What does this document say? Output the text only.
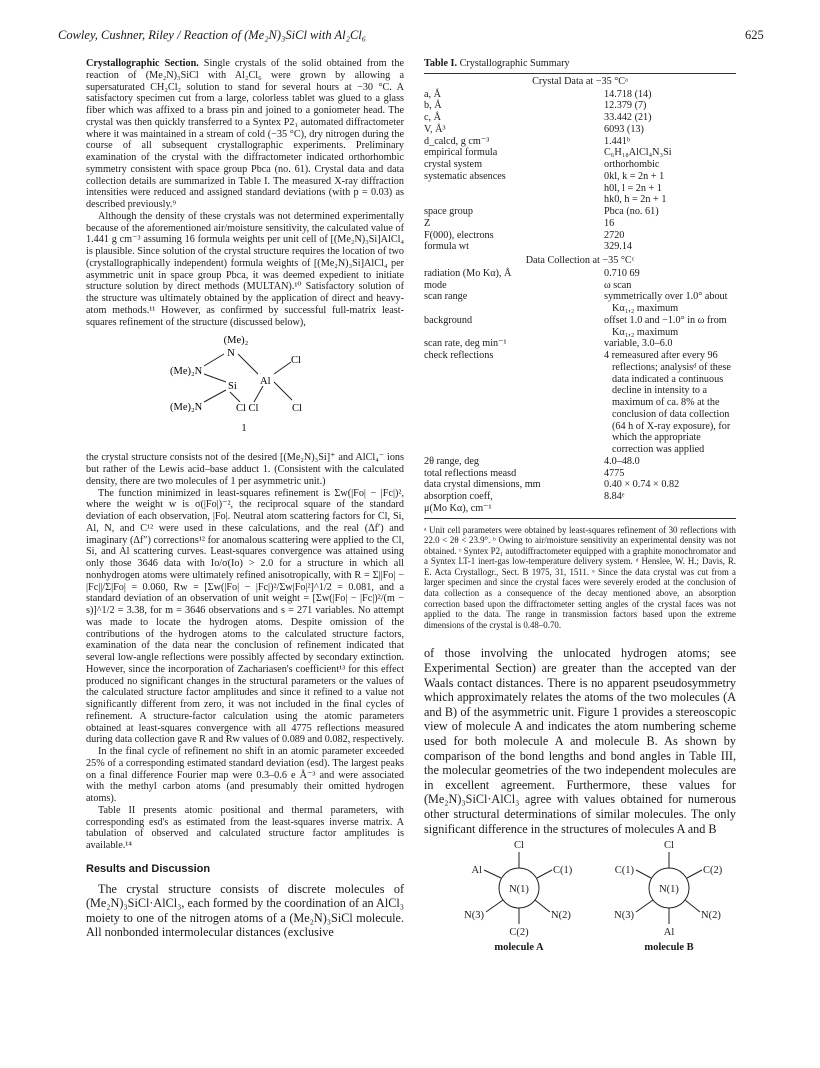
Cowley, Cushner, Riley / Reaction of (Me₂N)₃SiCl with Al₂Cl₆	625

Crystallographic Section. Single crystals of the solid obtained from the reaction of (Me₂N)₃SiCl with Al₂Cl₆ were grown by allowing a supersaturated CH₂Cl₂ solution to stand for several hours at −30 °C. A satisfactory specimen cut from a large, colorless tablet was glued to a glass fiber which was affixed to a brass pin and joined to a goniometer head. The crystal was then quickly transferred to a Syntex P2₁ automated diffractometer where it was maintained in a stream of cold (−35 °C), dry nitrogen during the course of all subsequent crystallographic experiments. Preliminary examination of the crystal with the diffractometer indicated orthorhombic symmetry consistent with space group Pbca (no. 61). Crystal data and data collection details are summarized in Table I. The measured X-ray diffraction intensities were reduced and assigned standard deviations (with p = 0.03) as described previously.⁹

Although the density of these crystals was not determined experimentally because of the aforementioned air/moisture sensitivity, the calculated value of 1.441 g cm⁻³ assuming 16 formula weights per unit cell of [(Me₂N)₃Si]AlCl₄ is plausible. Since solution of the crystal structure requires the location of two (crystallographically independent) formula weights of [(Me₂N)₃Si]AlCl₄ per asymmetric unit in space group Pbca, it was deemed expedient to initiate structure solution by direct methods (MULTAN).¹⁰ Satisfactory solution of the structure was ultimately obtained by the application of direct and heavy-atom methods.¹¹ However, as confirmed by successful full-matrix least-squares refinement of the structure (discussed below),

(Me)₂
N
(Me)₂N
Si Al
Cl
(Me)₂N	Cl Cl	Cl
1

the crystal structure consists not of the desired [(Me₂N)₃Si]⁺ and AlCl₄⁻ ions but rather of the Lewis acid–base adduct 1. (Consistent with the calculated density, there are two molecules of 1 per asymmetric unit.)

The function minimized in least-squares refinement is Σw(|Fo| − |Fc|)², where the weight w is σ(|Fo|)⁻², the reciprocal square of the standard deviation of each observation, |Fo|. Neutral atom scattering factors for Cl, Si, Al, N, and C¹² were used in these calculations, and the real (Δf′) and imaginary (Δf″) corrections¹² for anomalous scattering were applied to the Cl, Si, and Al scattering curves. Least-squares convergence was attained using only those 3646 data with Io/σ(Io) > 2.0 for a structure in which all nonhydrogen atoms were ultimately refined anisotropically, with R = Σ||Fo| − |Fc||/Σ|Fo| = 0.060, Rw = [Σw(|Fo| − |Fc|)²/Σw|Fo|²]^1/2 = 0.081, and a standard deviation of an observation of unit weight = [Σw(|Fo| − |Fc|)²/(m − s)]^1/2 = 3.38, for m = 3646 observations and s = 271 variables. No attempt was made to locate the hydrogen atoms. Despite omission of the contributions of the hydrogen atoms to the calculated structure factors, examination of the data near the conclusion of refinement indicated that several low-angle reflections were possibly affected by secondary extinction. However, since the incorporation of Zachariasen's coefficient¹³ for this effect produced no significant changes in the structural parameters or the values of the calculated structure factor amplitudes and since it refined to a value not significantly different from zero, it was not included in the final cycles of refinement. A structure-factor calculation using the atomic parameters obtained at least-squares convergence with all 4775 reflections measured during data collection gave R and Rw values of 0.089 and 0.082, respectively.

In the final cycle of refinement no shift in an atomic parameter exceeded 25% of a corresponding estimated standard deviation (esd). The largest peaks on a final difference Fourier map were 0.3–0.6 e Å⁻³ and were associated with the methyl carbon atoms (and presumably their omitted hydrogen atoms).

Table II presents atomic positional and thermal parameters, with corresponding esd's as estimated from the least-squares inverse matrix. A tabulation of observed and calculated structure factor amplitudes is available.¹⁴

Results and Discussion

The crystal structure consists of discrete molecules of (Me₂N)₃SiCl·AlCl₃, each formed by the coordination of an AlCl₃ moiety to one of the nitrogen atoms of a (Me₂N)₃SiCl molecule. All nonbonded intermolecular distances (exclusive

Table I. Crystallographic Summary
Crystal Data at −35 °Cᵃ
a, Å	14.718 (14)
b, Å	12.379 (7)
c, Å	33.442 (21)
V, Å³	6093 (13)
d_calcd, g cm⁻³	1.441ᵇ
empirical formula	C₆H₁₈AlCl₄N₃Si
crystal system	orthorhombic
systematic absences	0kl, k = 2n + 1
h0l, l = 2n + 1
hk0, h = 2n + 1
space group	Pbca (no. 61)
Z	16
F(000), electrons	2720
formula wt	329.14
Data Collection at −35 °Cᶜ
radiation (Mo Kα), Å	0.710 69
mode	ω scan
scan range	symmetrically over 1.0° about
Kα₁,₂ maximum
background	offset 1.0 and −1.0° in ω from
Kα₁,₂ maximum
scan rate, deg min⁻¹	variable, 3.0–6.0
check reflections	4 remeasured after every 96
reflections; analysisᵈ of these
data indicated a continuous
decline in intensity to a
maximum of ca. 8% at the
conclusion of data collection
(64 h of X-ray exposure), for
which the appropriate
correction was applied
2θ range, deg	4.0–48.0
total reflections measd	4775
data crystal dimensions, mm	0.40 × 0.74 × 0.82
absorption coeff,	8.84ᵉ
μ(Mo Kα), cm⁻¹
ᵃ Unit cell parameters were obtained by least-squares refinement of 30 reflections with 22.0 < 2θ < 23.9°. ᵇ Owing to air/moisture sensitivity an experimental density was not obtained. ᶜ Syntex P2₁ autodiffractometer equipped with a graphite monochromator and a Syntex LT-1 inert-gas low-temperature delivery system. ᵈ Henslee, W. H.; Davis, R. E. Acta Crystallogr., Sect. B 1975, 31, 1511. ᵉ Since the data crystal was cut from a larger specimen and since the crystal faces were severely eroded at the conclusion of data collection as a consequence of the decay mentioned above, an absorption correction based upon the diffractometer setting angles of the crystal faces was not applied to the data. The range in transmission factors based upon the extreme dimensions of the crystal is 0.48–0.70.

of those involving the unlocated hydrogen atoms; see Experimental Section) are greater than the accepted van der Waals contact distances. There is no apparent pseudosymmetry which approximately relates the atoms of the two molecules (A and B) of the asymmetric unit. Figure 1 provides a stereoscopic view of molecule A and indicates the atom numbering scheme used for both molecule A and molecule B. As shown by comparison of the bond lengths and bond angles in Table III, the molecular geometries of the two independent molecules are in excellent agreement. Furthermore, these values for (Me₂N)₃SiCl·AlCl₃ agree with values obtained for numerous other structural determinations of similar molecules. The only significant difference in the structures of molecules A and B

Cl
Al	C(1)
N(1)
N(3)	N(2)
C(2)
Cl
C(1)	C(2)
N(1)
N(3)	N(2)
Al
molecule A	molecule B
